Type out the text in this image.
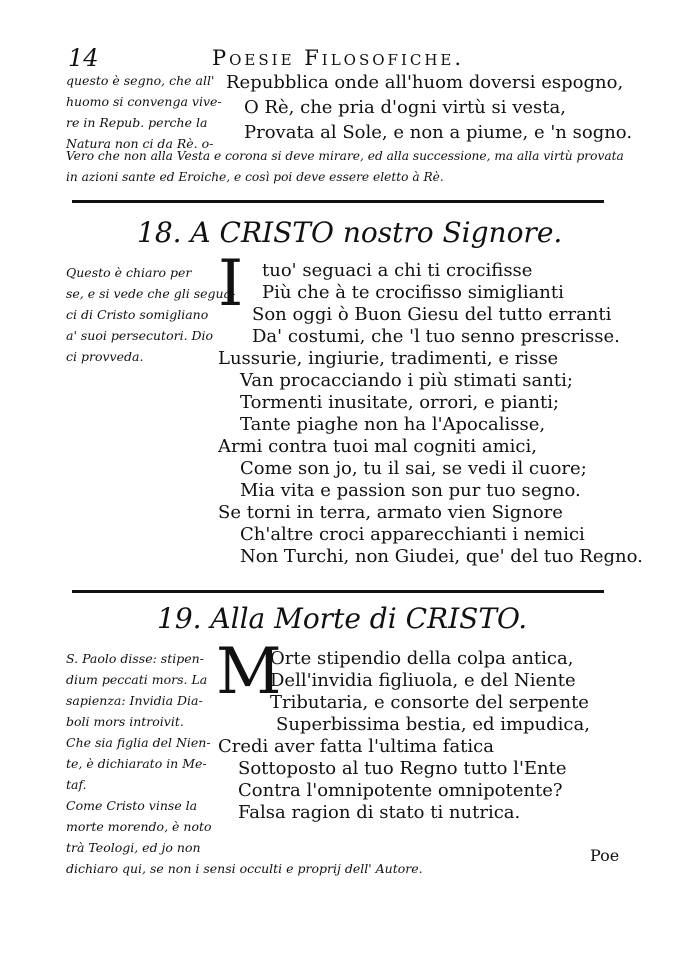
14	Poesie Filosofiche.
questo è segno, che all'
huomo si convenga vive-
re in Repub. perche la
Natura non ci da Rè. o-
Repubblica onde all'huom doversi espogno,
O Rè, che pria d'ogni virtù si vesta,
Provata al Sole, e non a piume, e 'n sogno.
Vero che non alla Vesta e corona si deve mirare, ed alla successione, ma alla virtù provata
in azioni sante ed Eroiche, e così poi deve essere eletto à Rè.
18. A CRISTO nostro Signore.
Questo è chiaro per
se, e si vede che gli segua-
ci di Cristo somigliano
a' suoi persecutori. Dio
ci provveda.
I tuo' seguaci a chi ti crocifisse
Più che à te crocifisso simiglianti
Son oggi ò Buon Giesu del tutto erranti
Da' costumi, che 'l tuo senno prescrisse.
Lussurie, ingiurie, tradimenti, e risse
Van procacciando i più stimati santi;
Tormenti inusitate, orrori, e pianti;
Tante piaghe non ha l'Apocalisse,
Armi contra tuoi mal cogniti amici,
Come son jo, tu il sai, se vedi il cuore;
Mia vita e passion son pur tuo segno.
Se torni in terra, armato vien Signore
Ch'altre croci apparecchianti i nemici
Non Turchi, non Giudei, que' del tuo Regno.
19. Alla Morte di CRISTO.
S. Paolo disse: stipen-
dium peccati mors. La
sapienza: Invidia Dia-
boli mors introivit.
Che sia figlia del Nien-
te, è dichiarato in Me-
taf.
Come Cristo vinse la
morte morendo, è noto
trà Teologi, ed jo non
dichiaro qui, se non i sensi occulti e proprij dell' Autore.
M
Orte stipendio della colpa antica,
Dell'invidia figliuola, e del Niente
Tributaria, e consorte del serpente
Superbissima bestia, ed impudica,
Credi aver fatta l'ultima fatica
Sottoposto al tuo Regno tutto l'Ente
Contra l'omnipotente omnipotente?
Falsa ragion di stato ti nutrica.
Poe
